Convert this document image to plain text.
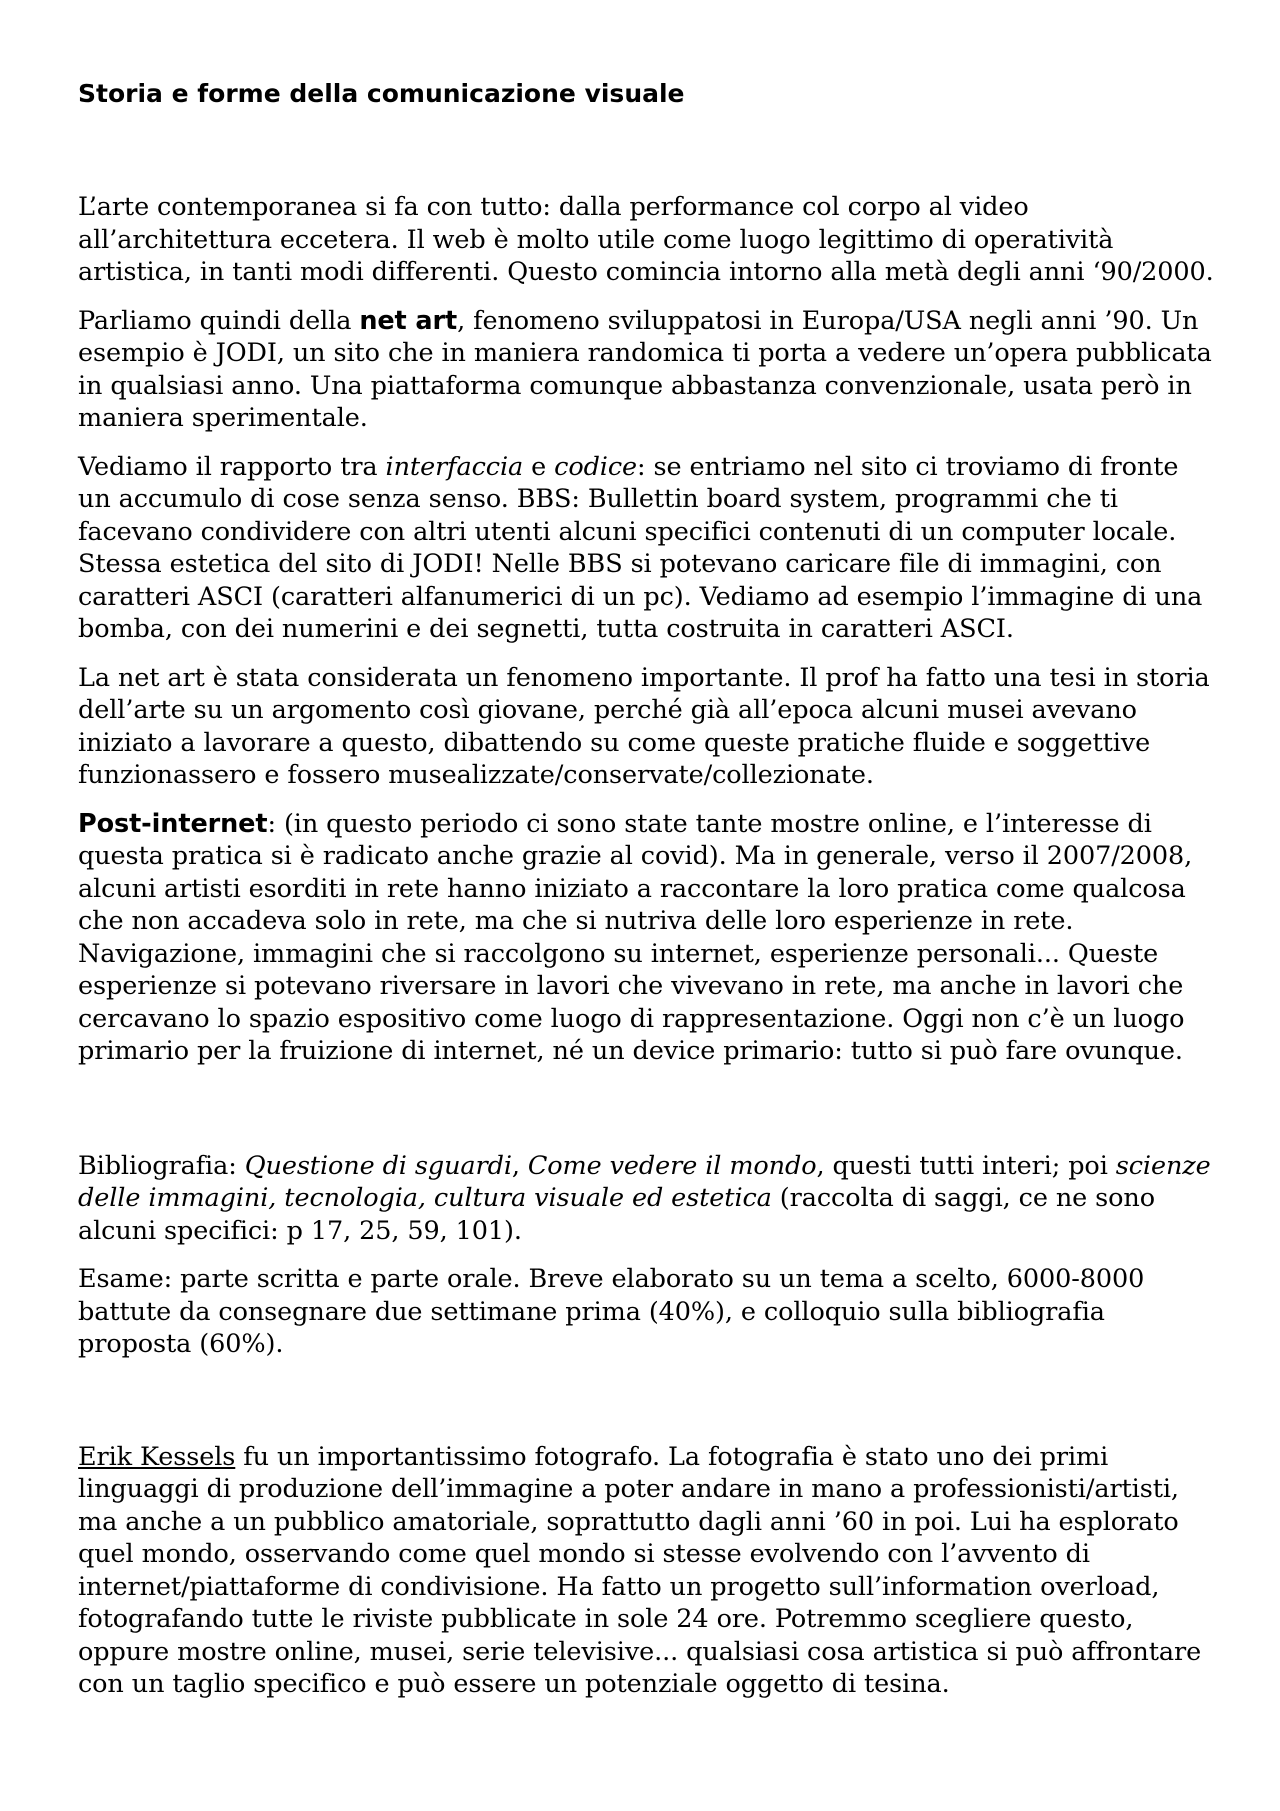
Storia e forme della comunicazione visuale

L’arte contemporanea si fa con tutto: dalla performance col corpo al video all’architettura eccetera. Il web è molto utile come luogo legittimo di operatività artistica, in tanti modi differenti. Questo comincia intorno alla metà degli anni ‘90/2000.

Parliamo quindi della net art, fenomeno sviluppatosi in Europa/USA negli anni ’90. Un esempio è JODI, un sito che in maniera randomica ti porta a vedere un’opera pubblicata in qualsiasi anno. Una piattaforma comunque abbastanza convenzionale, usata però in maniera sperimentale.

Vediamo il rapporto tra interfaccia e codice: se entriamo nel sito ci troviamo di fronte un accumulo di cose senza senso. BBS: Bullettin board system, programmi che ti facevano condividere con altri utenti alcuni specifici contenuti di un computer locale. Stessa estetica del sito di JODI! Nelle BBS si potevano caricare file di immagini, con caratteri ASCI (caratteri alfanumerici di un pc). Vediamo ad esempio l’immagine di una bomba, con dei numerini e dei segnetti, tutta costruita in caratteri ASCI.

La net art è stata considerata un fenomeno importante. Il prof ha fatto una tesi in storia dell’arte su un argomento così giovane, perché già all’epoca alcuni musei avevano iniziato a lavorare a questo, dibattendo su come queste pratiche fluide e soggettive funzionassero e fossero musealizzate/conservate/collezionate.

Post-internet: (in questo periodo ci sono state tante mostre online, e l’interesse di questa pratica si è radicato anche grazie al covid). Ma in generale, verso il 2007/2008, alcuni artisti esorditi in rete hanno iniziato a raccontare la loro pratica come qualcosa che non accadeva solo in rete, ma che si nutriva delle loro esperienze in rete. Navigazione, immagini che si raccolgono su internet, esperienze personali... Queste esperienze si potevano riversare in lavori che vivevano in rete, ma anche in lavori che cercavano lo spazio espositivo come luogo di rappresentazione. Oggi non c’è un luogo primario per la fruizione di internet, né un device primario: tutto si può fare ovunque.

Bibliografia: Questione di sguardi, Come vedere il mondo, questi tutti interi; poi scienze delle immagini, tecnologia, cultura visuale ed estetica (raccolta di saggi, ce ne sono alcuni specifici: p 17, 25, 59, 101).

Esame: parte scritta e parte orale. Breve elaborato su un tema a scelto, 6000-8000 battute da consegnare due settimane prima (40%), e colloquio sulla bibliografia proposta (60%).

Erik Kessels fu un importantissimo fotografo. La fotografia è stato uno dei primi linguaggi di produzione dell’immagine a poter andare in mano a professionisti/artisti, ma anche a un pubblico amatoriale, soprattutto dagli anni ’60 in poi. Lui ha esplorato quel mondo, osservando come quel mondo si stesse evolvendo con l’avvento di internet/piattaforme di condivisione. Ha fatto un progetto sull’information overload, fotografando tutte le riviste pubblicate in sole 24 ore. Potremmo scegliere questo, oppure mostre online, musei, serie televisive... qualsiasi cosa artistica si può affrontare con un taglio specifico e può essere un potenziale oggetto di tesina.
